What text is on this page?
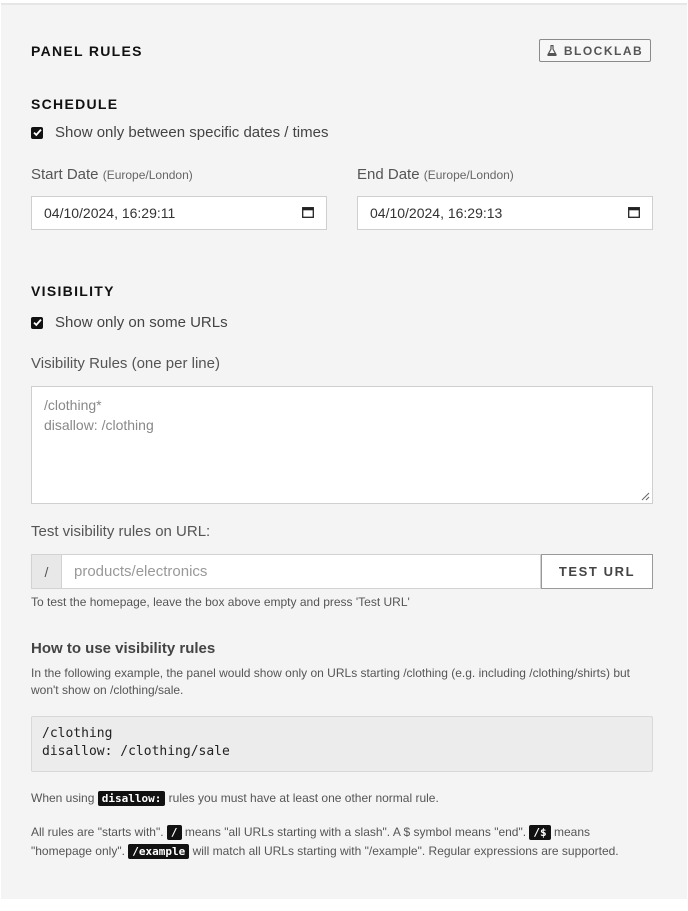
PANEL RULES	BLOCKLAB
SCHEDULE
Show only between specific dates / times
Start Date (Europe/London)
04/10/2024, 16:29:11
End Date (Europe/London)
04/10/2024, 16:29:13
VISIBILITY
Show only on some URLs
Visibility Rules (one per line)
/clothing*
disallow: /clothing
Test visibility rules on URL:
/	products/electronics	TEST URL
To test the homepage, leave the box above empty and press 'Test URL'
How to use visibility rules
In the following example, the panel would show only on URLs starting /clothing (e.g. including /clothing/shirts) but won't show on /clothing/sale.
/clothing
disallow: /clothing/sale
When using disallow: rules you must have at least one other normal rule.
All rules are "starts with". / means "all URLs starting with a slash". A $ symbol means "end". /$ means "homepage only". /example will match all URLs starting with "/example". Regular expressions are supported.
